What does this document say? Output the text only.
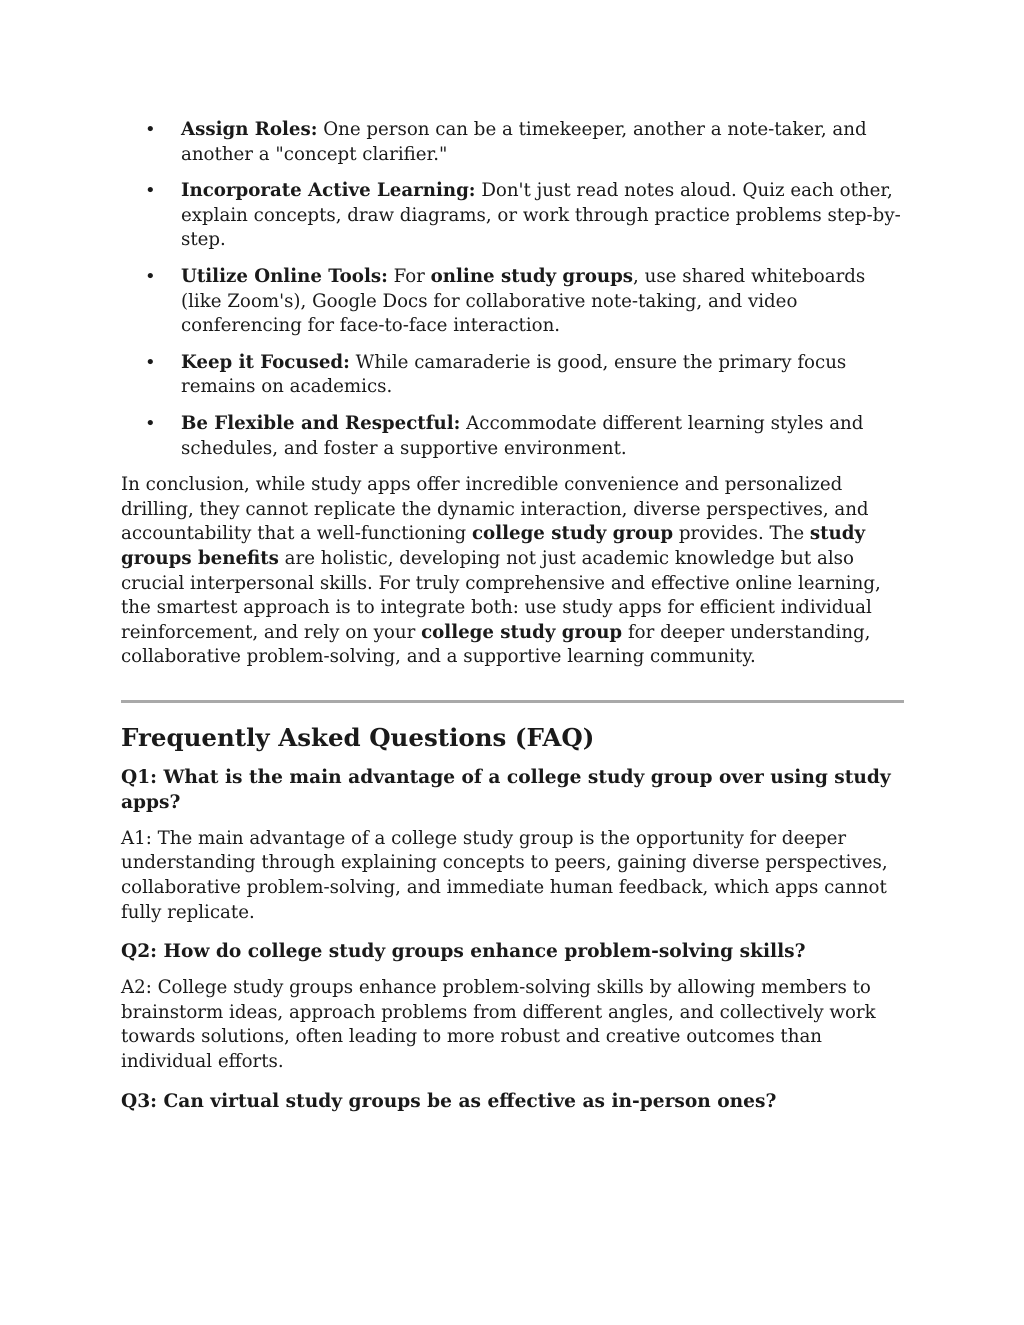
• Assign Roles: One person can be a timekeeper, another a note-taker, and another a "concept clarifier."
• Incorporate Active Learning: Don't just read notes aloud. Quiz each other, explain concepts, draw diagrams, or work through practice problems step-by-step.
• Utilize Online Tools: For online study groups, use shared whiteboards (like Zoom's), Google Docs for collaborative note-taking, and video conferencing for face-to-face interaction.
• Keep it Focused: While camaraderie is good, ensure the primary focus remains on academics.
• Be Flexible and Respectful: Accommodate different learning styles and schedules, and foster a supportive environment.

In conclusion, while study apps offer incredible convenience and personalized drilling, they cannot replicate the dynamic interaction, diverse perspectives, and accountability that a well-functioning college study group provides. The study groups benefits are holistic, developing not just academic knowledge but also crucial interpersonal skills. For truly comprehensive and effective online learning, the smartest approach is to integrate both: use study apps for efficient individual reinforcement, and rely on your college study group for deeper understanding, collaborative problem-solving, and a supportive learning community.

Frequently Asked Questions (FAQ)
Q1: What is the main advantage of a college study group over using study apps?

A1: The main advantage of a college study group is the opportunity for deeper understanding through explaining concepts to peers, gaining diverse perspectives, collaborative problem-solving, and immediate human feedback, which apps cannot fully replicate.

Q2: How do college study groups enhance problem-solving skills?

A2: College study groups enhance problem-solving skills by allowing members to brainstorm ideas, approach problems from different angles, and collectively work towards solutions, often leading to more robust and creative outcomes than individual efforts.

Q3: Can virtual study groups be as effective as in-person ones?
